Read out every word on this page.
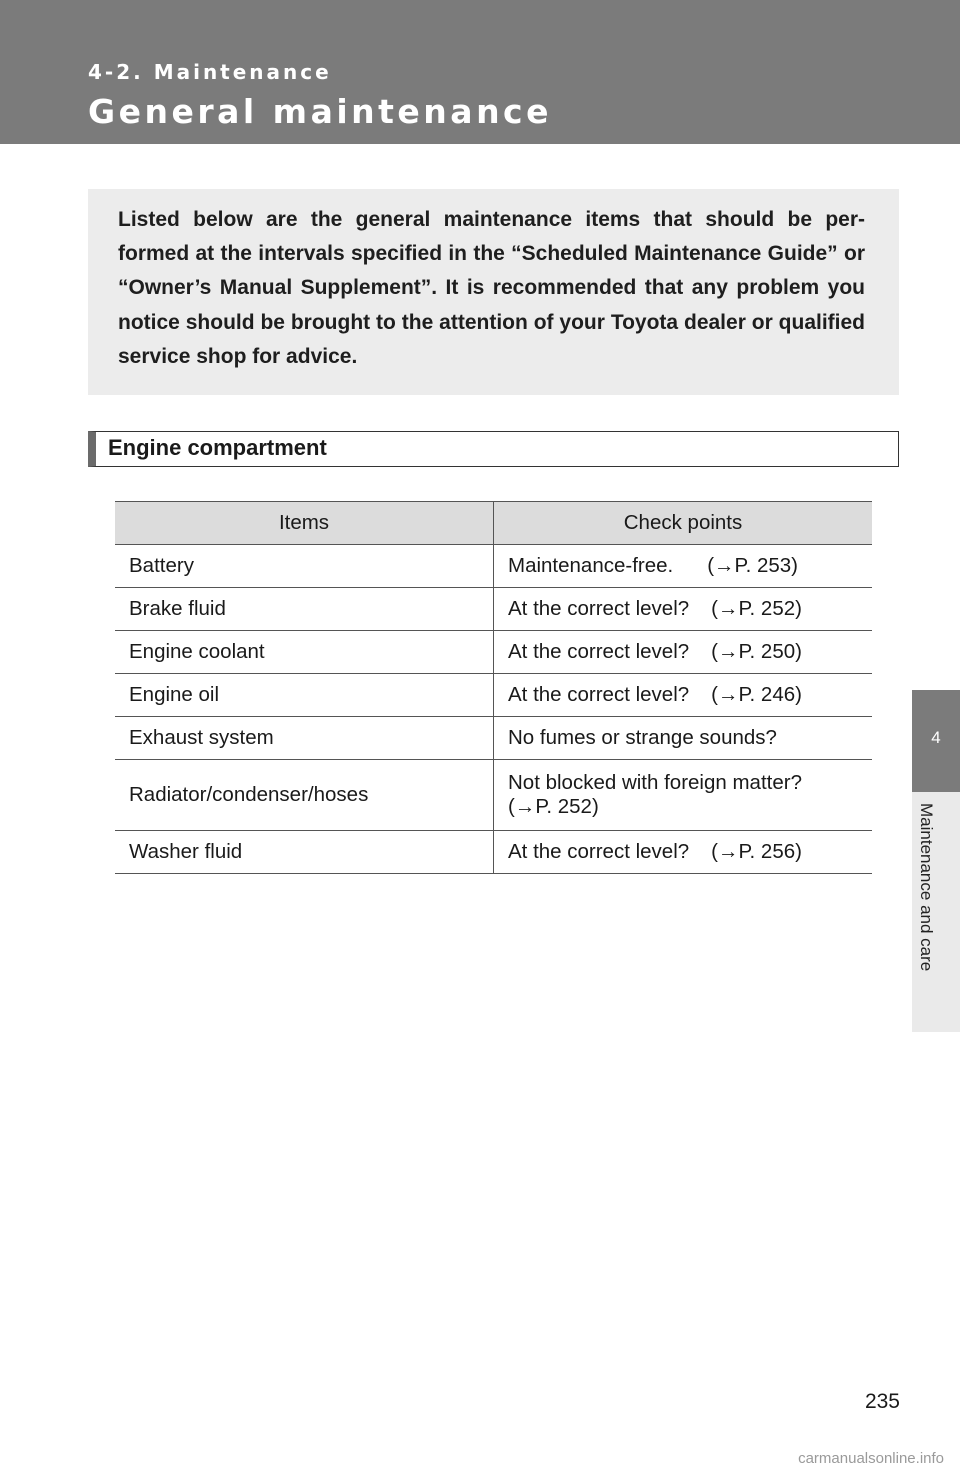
4-2. Maintenance
General maintenance

Listed below are the general maintenance items that should be per- formed at the intervals specified in the “Scheduled Maintenance Guide” or “Owner’s Manual Supplement”. It is recommended that any problem you notice should be brought to the attention of your Toyota dealer or qualified service shop for advice.

Engine compartment
Items	Check points
Battery	Maintenance-free. (→P. 253)
Brake fluid	At the correct level? (→P. 252)
Engine coolant	At the correct level? (→P. 250)
Engine oil	At the correct level? (→P. 246)
Exhaust system	No fumes or strange sounds?
Radiator/condenser/hoses	Not blocked with foreign matter?
(→P. 252)

Washer fluid	At the correct level? (→P. 256)
4
Maintenance and care
235
carmanualsonline.info
